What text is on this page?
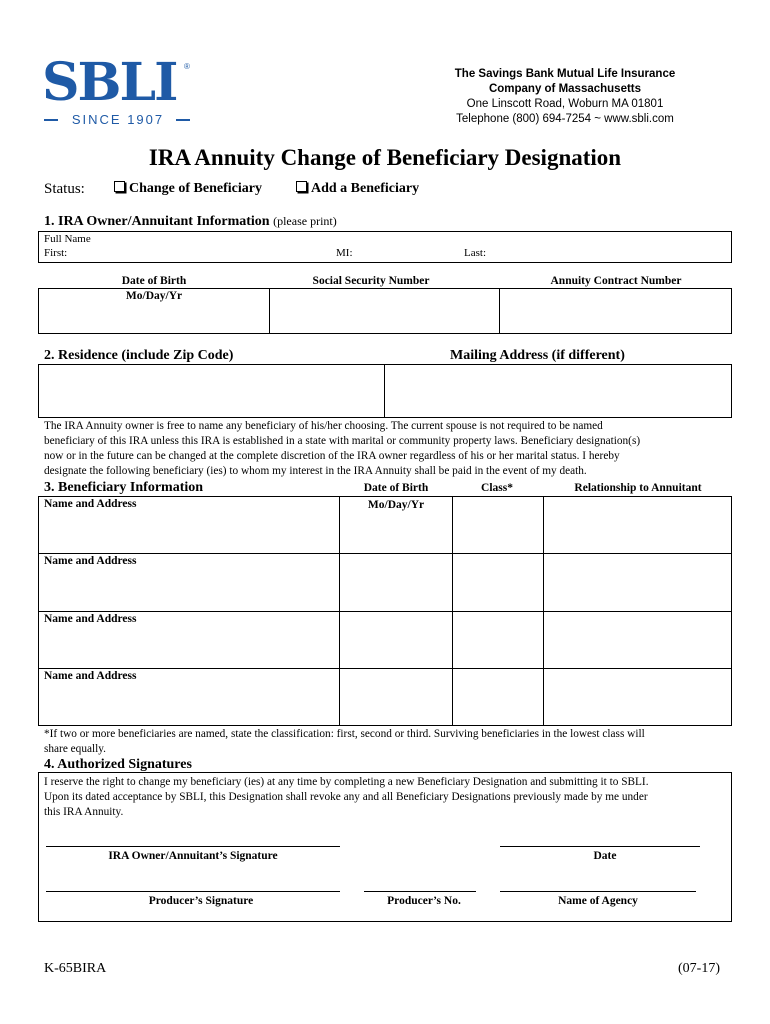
SBLI ®
SINCE 1907
The Savings Bank Mutual Life Insurance
Company of Massachusetts
One Linscott Road, Woburn MA 01801
Telephone (800) 694-7254 ~ www.sbli.com
IRA Annuity Change of Beneficiary Designation
Status:	Change of Beneficiary	Add a Beneficiary
1. IRA Owner/Annuitant Information (please print)
Full Name
First:	MI:	Last:
Date of Birth	Social Security Number	Annuity Contract Number
Mo/Day/Yr
2. Residence (include Zip Code)	Mailing Address (if different)
The IRA Annuity owner is free to name any beneficiary of his/her choosing. The current spouse is not required to be named
beneficiary of this IRA unless this IRA is established in a state with marital or community property laws. Beneficiary designation(s)
now or in the future can be changed at the complete discretion of the IRA owner regardless of his or her marital status. I hereby
designate the following beneficiary (ies) to whom my interest in the IRA Annuity shall be paid in the event of my death.
3. Beneficiary Information	Date of Birth	Class*	Relationship to Annuitant
Mo/Day/Yr
Name and Address
Name and Address
Name and Address
Name and Address
*If two or more beneficiaries are named, state the classification: first, second or third. Surviving beneficiaries in the lowest class will
share equally.
4. Authorized Signatures
I reserve the right to change my beneficiary (ies) at any time by completing a new Beneficiary Designation and submitting it to SBLI.
Upon its dated acceptance by SBLI, this Designation shall revoke any and all Beneficiary Designations previously made by me under
this IRA Annuity.
IRA Owner/Annuitant’s Signature	Date
Producer’s Signature	Producer’s No.	Name of Agency
K-65BIRA	(07-17)
